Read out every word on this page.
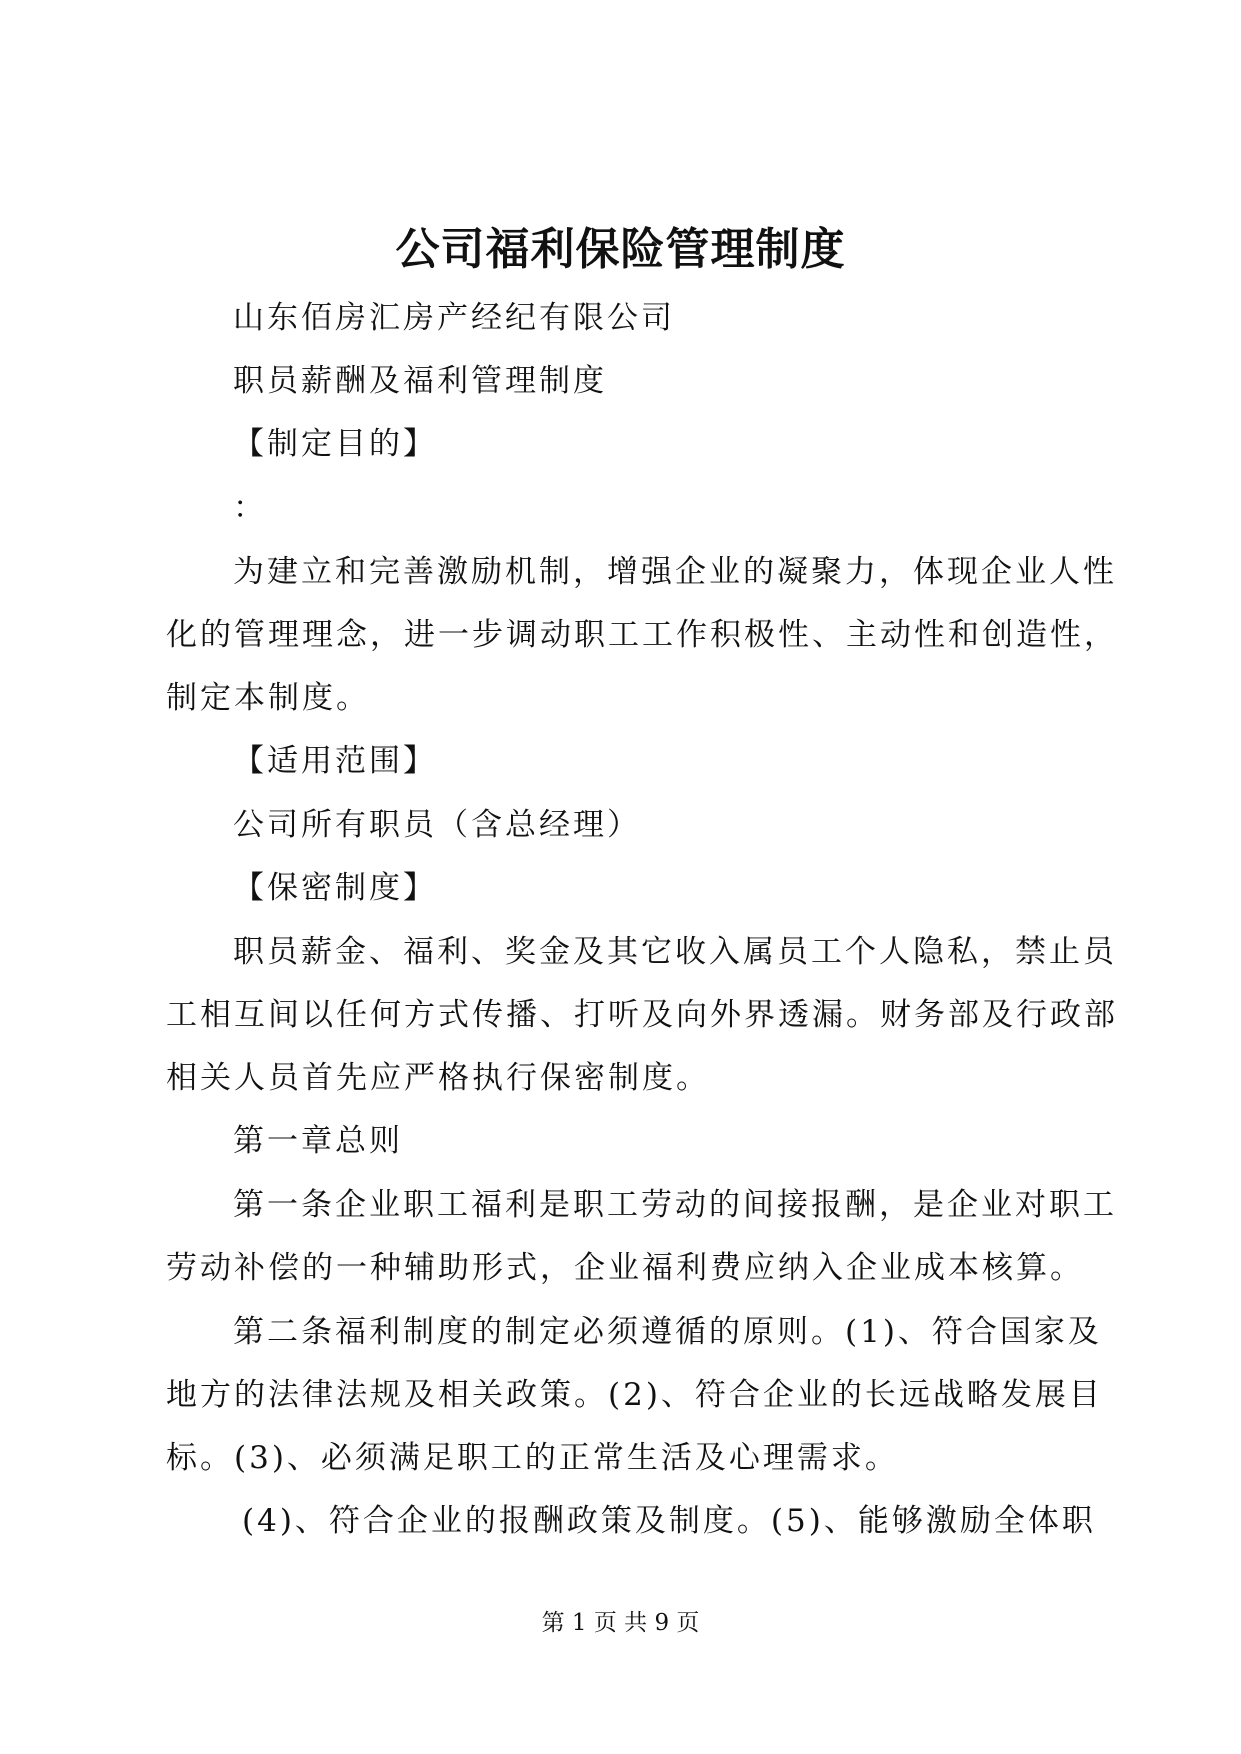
公司福利保险管理制度
山东佰房汇房产经纪有限公司
职员薪酬及福利管理制度
【制定目的】
：
为建立和完善激励机制，增强企业的凝聚力，体现企业人性
化的管理理念，进一步调动职工工作积极性、主动性和创造性，
制定本制度。
【适用范围】
公司所有职员（含总经理）
【保密制度】
职员薪金、福利、奖金及其它收入属员工个人隐私，禁止员
工相互间以任何方式传播、打听及向外界透漏。财务部及行政部
相关人员首先应严格执行保密制度。
第一章总则
第一条企业职工福利是职工劳动的间接报酬，是企业对职工
劳动补偿的一种辅助形式，企业福利费应纳入企业成本核算。
第二条福利制度的制定必须遵循的原则。(1)、符合国家及
地方的法律法规及相关政策。(2)、符合企业的长远战略发展目
标。(3)、必须满足职工的正常生活及心理需求。
(4)、符合企业的报酬政策及制度。(5)、能够激励全体职
第 1 页 共 9 页
